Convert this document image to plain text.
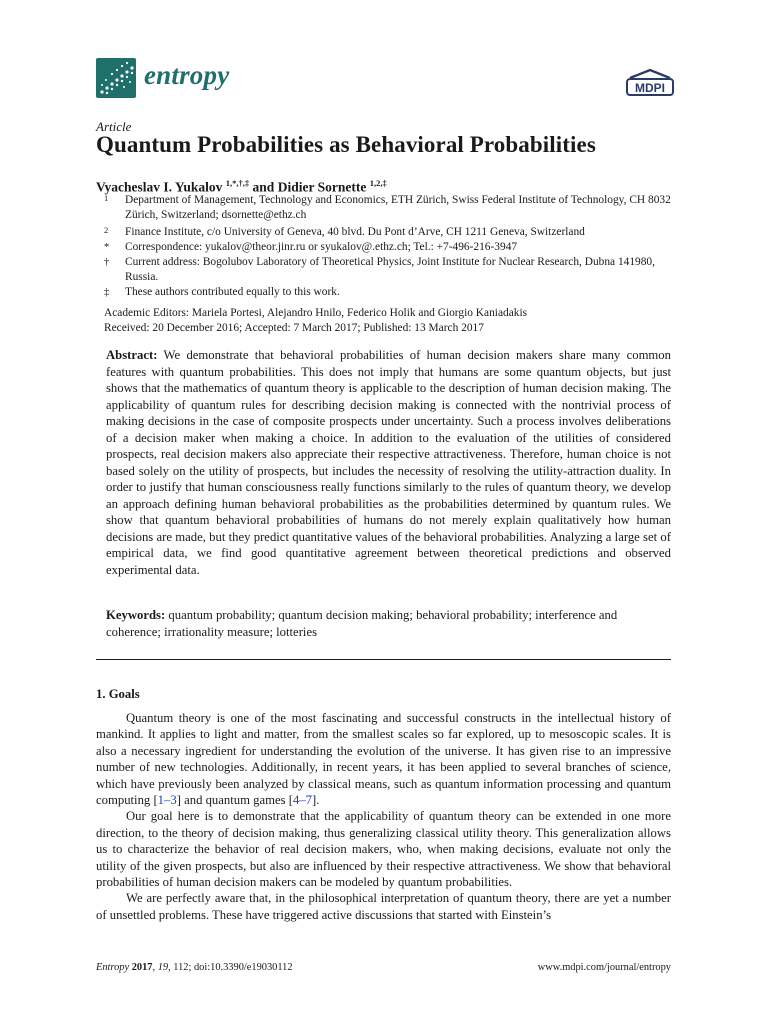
entropy	MDPI
Article
Quantum Probabilities as Behavioral Probabilities
Vyacheslav I. Yukalov $^{1,*,\dagger,\ddagger}$ and Didier Sornette $^{1,2,\ddagger}$
1	Department of Management, Technology and Economics, ETH Zürich, Swiss Federal Institute of Technology, CH 8032 Zürich, Switzerland; dsornette@ethz.ch
2	Finance Institute, c/o University of Geneva, 40 blvd. Du Pont d’Arve, CH 1211 Geneva, Switzerland
*	Correspondence: yukalov@theor.jinr.ru or syukalov@.ethz.ch; Tel.: +7-496-216-3947
†	Current address: Bogolubov Laboratory of Theoretical Physics, Joint Institute for Nuclear Research, Dubna 141980, Russia.
‡	These authors contributed equally to this work.
Academic Editors: Mariela Portesi, Alejandro Hnilo, Federico Holik and Giorgio Kaniadakis
Received: 20 December 2016; Accepted: 7 March 2017; Published: 13 March 2017
Abstract: We demonstrate that behavioral probabilities of human decision makers share many common features with quantum probabilities. This does not imply that humans are some quantum objects, but just shows that the mathematics of quantum theory is applicable to the description of human decision making. The applicability of quantum rules for describing decision making is connected with the nontrivial process of making decisions in the case of composite prospects under uncertainty. Such a process involves deliberations of a decision maker when making a choice. In addition to the evaluation of the utilities of considered prospects, real decision makers also appreciate their respective attractiveness. Therefore, human choice is not based solely on the utility of prospects, but includes the necessity of resolving the utility-attraction duality. In order to justify that human consciousness really functions similarly to the rules of quantum theory, we develop an approach defining human behavioral probabilities as the probabilities determined by quantum rules. We show that quantum behavioral probabilities of humans do not merely explain qualitatively how human decisions are made, but they predict quantitative values of the behavioral probabilities. Analyzing a large set of empirical data, we find good quantitative agreement between theoretical predictions and observed experimental data.
Keywords: quantum probability; quantum decision making; behavioral probability; interference and coherence; irrationality measure; lotteries
1. Goals

Quantum theory is one of the most fascinating and successful constructs in the intellectual history of mankind. It applies to light and matter, from the smallest scales so far explored, up to mesoscopic scales. It is also a necessary ingredient for understanding the evolution of the universe. It has given rise to an impressive number of new technologies. Additionally, in recent years, it has been applied to several branches of science, which have previously been analyzed by classical means, such as quantum information processing and quantum computing [1–3] and quantum games [4–7].

Our goal here is to demonstrate that the applicability of quantum theory can be extended in one more direction, to the theory of decision making, thus generalizing classical utility theory. This generalization allows us to characterize the behavior of real decision makers, who, when making decisions, evaluate not only the utility of the given prospects, but also are influenced by their respective attractiveness. We show that behavioral probabilities of human decision makers can be modeled by quantum probabilities.

We are perfectly aware that, in the philosophical interpretation of quantum theory, there are yet a number of unsettled problems. These have triggered active discussions that started with Einstein’s

Entropy 2017, 19, 112; doi:10.3390/e19030112	www.mdpi.com/journal/entropy
